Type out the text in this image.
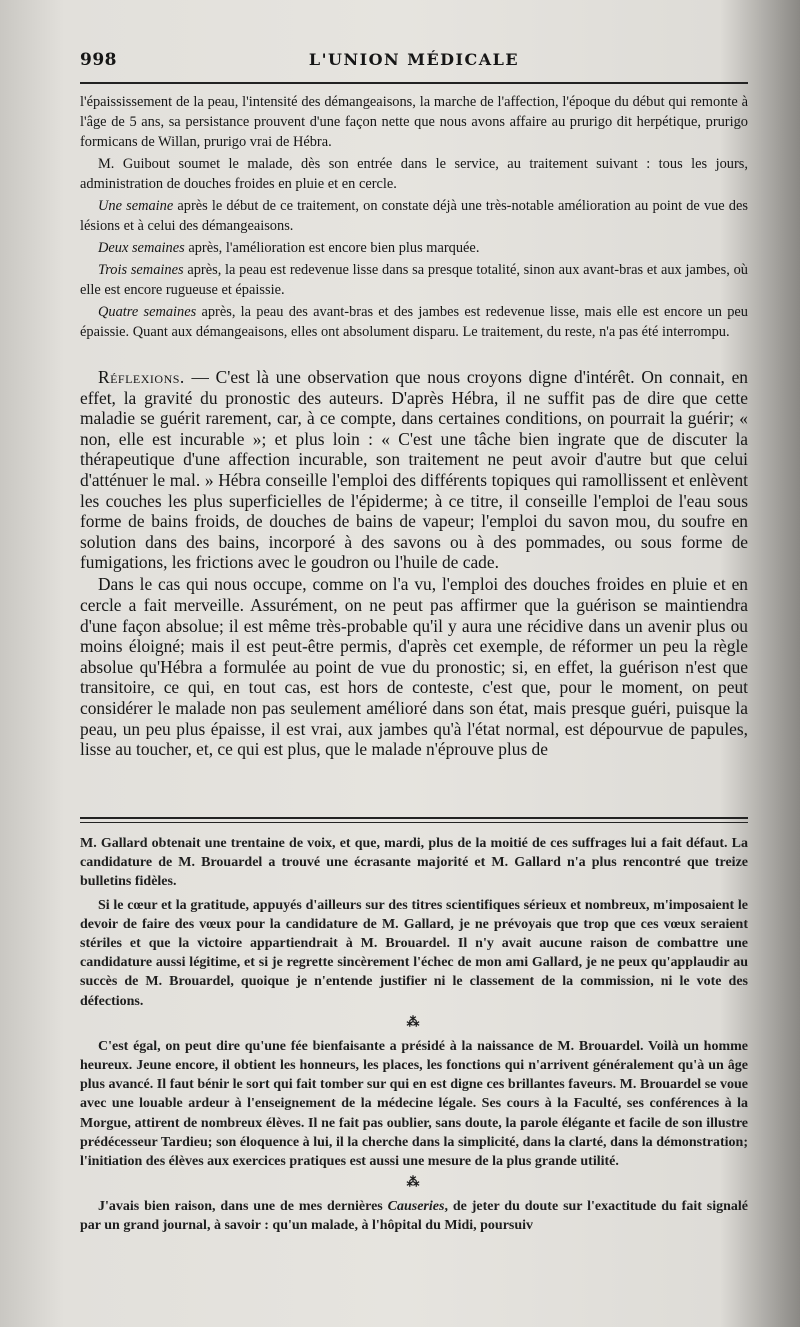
998	L'UNION MÉDICALE

l'épaississement de la peau, l'intensité des démangeaisons, la marche de l'affection, l'époque du début qui remonte à l'âge de 5 ans, sa persistance prouvent d'une façon nette que nous avons affaire au prurigo dit herpétique, prurigo formicans de Willan, prurigo vrai de Hébra.

M. Guibout soumet le malade, dès son entrée dans le service, au traitement suivant : tous les jours, administration de douches froides en pluie et en cercle.

Une semaine après le début de ce traitement, on constate déjà une très-notable amélioration au point de vue des lésions et à celui des démangeaisons.

Deux semaines après, l'amélioration est encore bien plus marquée.

Trois semaines après, la peau est redevenue lisse dans sa presque totalité, sinon aux avant-bras et aux jambes, où elle est encore rugueuse et épaissie.

Quatre semaines après, la peau des avant-bras et des jambes est redevenue lisse, mais elle est encore un peu épaissie. Quant aux démangeaisons, elles ont absolument disparu. Le traitement, du reste, n'a pas été interrompu.

Réflexions. — C'est là une observation que nous croyons digne d'intérêt. On connait, en effet, la gravité du pronostic des auteurs. D'après Hébra, il ne suffit pas de dire que cette maladie se guérit rarement, car, à ce compte, dans certaines conditions, on pourrait la guérir; « non, elle est incurable »; et plus loin : « C'est une tâche bien ingrate que de discuter la thérapeutique d'une affection incurable, son traitement ne peut avoir d'autre but que celui d'atténuer le mal. » Hébra conseille l'emploi des différents topiques qui ramollissent et enlèvent les couches les plus superficielles de l'épiderme; à ce titre, il conseille l'emploi de l'eau sous forme de bains froids, de douches de bains de vapeur; l'emploi du savon mou, du soufre en solution dans des bains, incorporé à des savons ou à des pommades, ou sous forme de fumigations, les frictions avec le goudron ou l'huile de cade.

Dans le cas qui nous occupe, comme on l'a vu, l'emploi des douches froides en pluie et en cercle a fait merveille. Assurément, on ne peut pas affirmer que la guérison se maintiendra d'une façon absolue; il est même très-probable qu'il y aura une récidive dans un avenir plus ou moins éloigné; mais il est peut-être permis, d'après cet exemple, de réformer un peu la règle absolue qu'Hébra a formulée au point de vue du pronostic; si, en effet, la guérison n'est que transitoire, ce qui, en tout cas, est hors de conteste, c'est que, pour le moment, on peut considérer le malade non pas seulement amélioré dans son état, mais presque guéri, puisque la peau, un peu plus épaisse, il est vrai, aux jambes qu'à l'état normal, est dépourvue de papules, lisse au toucher, et, ce qui est plus, que le malade n'éprouve plus de

M. Gallard obtenait une trentaine de voix, et que, mardi, plus de la moitié de ces suffrages lui a fait défaut. La candidature de M. Brouardel a trouvé une écrasante majorité et M. Gallard n'a plus rencontré que treize bulletins fidèles.

Si le cœur et la gratitude, appuyés d'ailleurs sur des titres scientifiques sérieux et nombreux, m'imposaient le devoir de faire des vœux pour la candidature de M. Gallard, je ne prévoyais que trop que ces vœux seraient stériles et que la victoire appartiendrait à M. Brouardel. Il n'y avait aucune raison de combattre une candidature aussi légitime, et si je regrette sincèrement l'échec de mon ami Gallard, je ne peux qu'applaudir au succès de M. Brouardel, quoique je n'entende justifier ni le classement de la commission, ni le vote des défections.

⁂

C'est égal, on peut dire qu'une fée bienfaisante a présidé à la naissance de M. Brouardel. Voilà un homme heureux. Jeune encore, il obtient les honneurs, les places, les fonctions qui n'arrivent généralement qu'à un âge plus avancé. Il faut bénir le sort qui fait tomber sur qui en est digne ces brillantes faveurs. M. Brouardel se voue avec une louable ardeur à l'enseignement de la médecine légale. Ses cours à la Faculté, ses conférences à la Morgue, attirent de nombreux élèves. Il ne fait pas oublier, sans doute, la parole élégante et facile de son illustre prédécesseur Tardieu; son éloquence à lui, il la cherche dans la simplicité, dans la clarté, dans la démonstration; l'initiation des élèves aux exercices pratiques est aussi une mesure de la plus grande utilité.

⁂

J'avais bien raison, dans une de mes dernières Causeries, de jeter du doute sur l'exactitude du fait signalé par un grand journal, à savoir : qu'un malade, à l'hôpital du Midi, poursuiv
